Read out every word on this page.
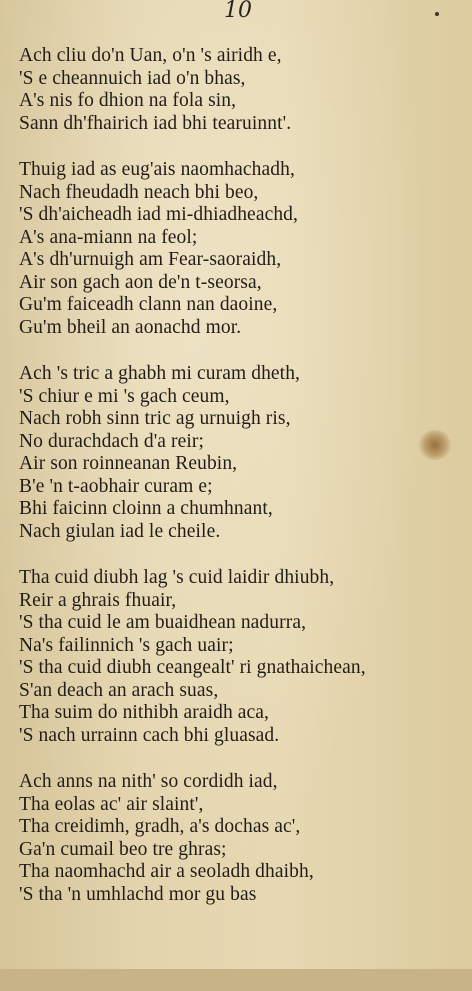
10
Ach cliu do'n Uan, o'n 's airidh e,
'S e cheannuich iad o'n bhas,
A's nis fo dhion na fola sin,
Sann dh'fhairich iad bhi tearuinnt'.
Thuig iad as eug'ais naomhachadh,
Nach fheudadh neach bhi beo,
'S dh'aicheadh iad mi-dhiadheachd,
A's ana-miann na feol;
A's dh'urnuigh am Fear-saoraidh,
Air son gach aon de'n t-seorsa,
Gu'm faiceadh clann nan daoine,
Gu'm bheil an aonachd mor.
Ach 's tric a ghabh mi curam dheth,
'S chiur e mi 's gach ceum,
Nach robh sinn tric ag urnuigh ris,
No durachdach d'a reir;
Air son roinneanan Reubin,
B'e 'n t-aobhair curam e;
Bhi faicinn cloinn a chumhnant,
Nach giulan iad le cheile.
Tha cuid diubh lag 's cuid laidir dhiubh,
Reir a ghrais fhuair,
'S tha cuid le am buaidhean nadurra,
Na's failinnich 's gach uair;
'S tha cuid diubh ceangealt' ri gnathaichean,
S'an deach an arach suas,
Tha suim do nithibh araidh aca,
'S nach urrainn cach bhi gluasad.
Ach anns na nith' so cordidh iad,
Tha eolas ac' air slaint',
Tha creidimh, gradh, a's dochas ac',
Ga'n cumail beo tre ghras;
Tha naomhachd air a seoladh dhaibh,
'S tha 'n umhlachd mor gu bas
